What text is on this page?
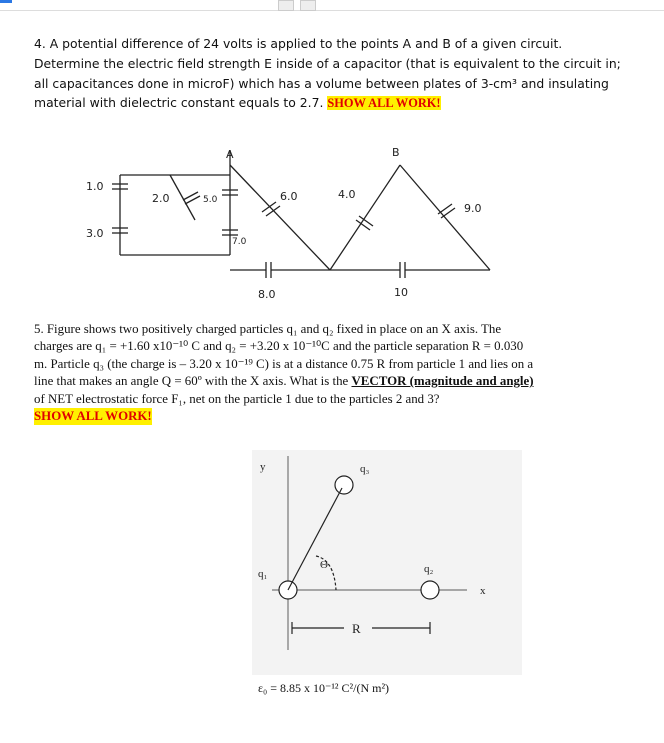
4. A potential difference of 24 volts is applied to the points A and B of a given circuit.

Determine the electric field strength E inside of a capacitor (that is equivalent to the circuit in;

all capacitances done in microF) which has a volume between plates of 3-cm³ and insulating

material with dielectric constant equals to 2.7. SHOW ALL WORK!

A	B
1.0
3.0
2.0	5.0
7.0
6.0	4.0
8.0	10
9.0

5. Figure shows two positively charged particles q₁ and q₂ fixed in place on an X axis. The

charges are q₁ = +1.60 x10⁻¹⁰ C and q₂ = +3.20 x 10⁻¹⁰C and the particle separation R = 0.030

m. Particle q₃ (the charge is – 3.20 x 10⁻¹⁹ C) is at a distance 0.75 R from particle 1 and lies on a

line that makes an angle Q = 60º with the X axis. What is the VECTOR (magnitude and angle)

of NET electrostatic force F₁, net on the particle 1 due to the particles 2 and 3?

SHOW ALL WORK!

y
x
q₁	q₂
q₃
Θ
R
ε₀ = 8.85 x 10⁻¹² C²/(N m²)
